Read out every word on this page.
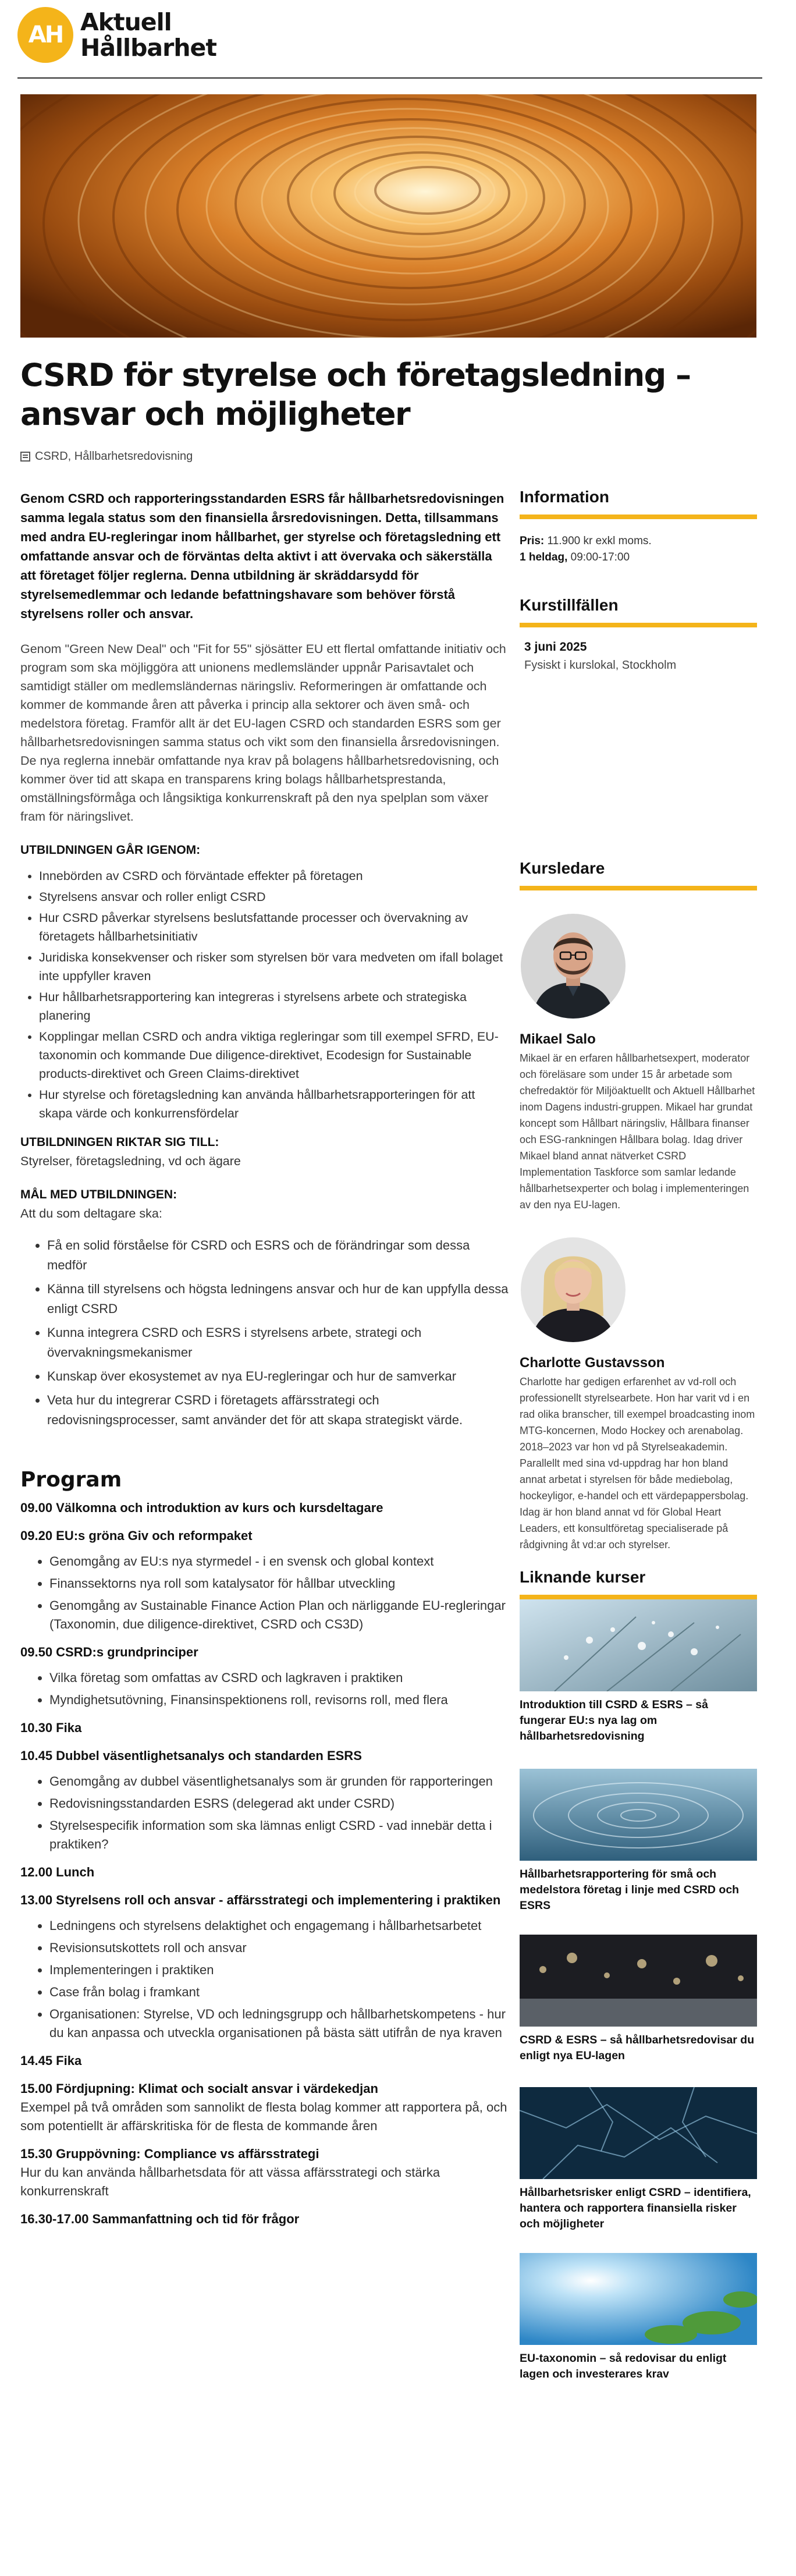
AH Aktuell
Hållbarhet
CSRD för styrelse och företagsledning – ansvar och möjligheter
CSRD, Hållbarhetsredovisning

Genom CSRD och rapporteringsstandarden ESRS får hållbarhetsredovisningen samma legala status som den finansiella årsredovisningen. Detta, tillsammans med andra EU-regleringar inom hållbarhet, ger styrelse och företagsledning ett omfattande ansvar och de förväntas delta aktivt i att övervaka och säkerställa att företaget följer reglerna. Denna utbildning är skräddarsydd för styrelsemedlemmar och ledande befattningshavare som behöver förstå styrelsens roller och ansvar.

Genom "Green New Deal" och "Fit for 55" sjösätter EU ett flertal omfattande initiativ och program som ska möjliggöra att unionens medlemsländer uppnår Parisavtalet och samtidigt ställer om medlemsländernas näringsliv. Reformeringen är omfattande och kommer de kommande åren att påverka i princip alla sektorer och även små- och medelstora företag. Framför allt är det EU-lagen CSRD och standarden ESRS som ger hållbarhetsredovisningen samma status och vikt som den finansiella årsredovisningen. De nya reglerna innebär omfattande nya krav på bolagens hållbarhetsredovisning, och kommer över tid att skapa en transparens kring bolags hållbarhetsprestanda, omställningsförmåga och långsiktiga konkurrenskraft på den nya spelplan som växer fram för näringslivet.

UTBILDNINGEN GÅR IGENOM:
• Innebörden av CSRD och förväntade effekter på företagen
• Styrelsens ansvar och roller enligt CSRD
• Hur CSRD påverkar styrelsens beslutsfattande processer och övervakning av företagets hållbarhetsinitiativ
• Juridiska konsekvenser och risker som styrelsen bör vara medveten om ifall bolaget inte uppfyller kraven
• Hur hållbarhetsrapportering kan integreras i styrelsens arbete och strategiska planering
• Kopplingar mellan CSRD och andra viktiga regleringar som till exempel SFRD, EU-taxonomin och kommande Due diligence-direktivet, Ecodesign for Sustainable products-direktivet och Green Claims-direktivet
• Hur styrelse och företagsledning kan använda hållbarhetsrapporteringen för att skapa värde och konkurrensfördelar
UTBILDNINGEN RIKTAR SIG TILL:

Styrelser, företagsledning, vd och ägare

MÅL MED UTBILDNINGEN:

Att du som deltagare ska:

• Få en solid förståelse för CSRD och ESRS och de förändringar som dessa medför
• Känna till styrelsens och högsta ledningens ansvar och hur de kan uppfylla dessa enligt CSRD
• Kunna integrera CSRD och ESRS i styrelsens arbete, strategi och övervakningsmekanismer
• Kunskap över ekosystemet av nya EU-regleringar och hur de samverkar
• Veta hur du integrerar CSRD i företagets affärsstrategi och redovisningsprocesser, samt använder det för att skapa strategiskt värde.
Program
09.00 Välkomna och introduktion av kurs och kursdeltagare
09.20 EU:s gröna Giv och reformpaket
• Genomgång av EU:s nya styrmedel - i en svensk och global kontext
• Finanssektorns nya roll som katalysator för hållbar utveckling
• Genomgång av Sustainable Finance Action Plan och närliggande EU-regleringar (Taxonomin, due diligence-direktivet, CSRD och CS3D)
09.50 CSRD:s grundprinciper
• Vilka företag som omfattas av CSRD och lagkraven i praktiken
• Myndighetsutövning, Finansinspektionens roll, revisorns roll, med flera
10.30 Fika
10.45 Dubbel väsentlighetsanalys och standarden ESRS
• Genomgång av dubbel väsentlighetsanalys som är grunden för rapporteringen
• Redovisningsstandarden ESRS (delegerad akt under CSRD)
• Styrelsespecifik information som ska lämnas enligt CSRD - vad innebär detta i praktiken?
12.00 Lunch
13.00 Styrelsens roll och ansvar - affärsstrategi och implementering i praktiken
• Ledningens och styrelsens delaktighet och engagemang i hållbarhetsarbetet
• Revisionsutskottets roll och ansvar
• Implementeringen i praktiken
• Case från bolag i framkant
• Organisationen: Styrelse, VD och ledningsgrupp och hållbarhetskompetens - hur du kan anpassa och utveckla organisationen på bästa sätt utifrån de nya kraven
14.45 Fika
15.00 Fördjupning: Klimat och socialt ansvar i värdekedjan

Exempel på två områden som sannolikt de flesta bolag kommer att rapportera på, och som potentiellt är affärskritiska för de flesta de kommande åren

15.30 Gruppövning: Compliance vs affärsstrategi

Hur du kan använda hållbarhetsdata för att vässa affärsstrategi och stärka konkurrenskraft

16.30-17.00 Sammanfattning och tid för frågor
Information
Pris: 11.900 kr exkl moms.
1 heldag, 09:00-17:00
Kurstillfällen
3 juni 2025
Fysiskt i kurslokal, Stockholm
Kursledare
Mikael Salo

Mikael är en erfaren hållbarhetsexpert, moderator och föreläsare som under 15 år arbetade som chefredaktör för Miljöaktuellt och Aktuell Hållbarhet inom Dagens industri-gruppen. Mikael har grundat koncept som Hållbart näringsliv, Hållbara finanser och ESG-rankningen Hållbara bolag. Idag driver Mikael bland annat nätverket CSRD Implementation Taskforce som samlar ledande hållbarhetsexperter och bolag i implementeringen av den nya EU-lagen.

Charlotte Gustavsson

Charlotte har gedigen erfarenhet av vd-roll och professionellt styrelsearbete. Hon har varit vd i en rad olika branscher, till exempel broadcasting inom MTG-koncernen, Modo Hockey och arenabolag. 2018–2023 var hon vd på Styrelseakademin. Parallellt med sina vd-uppdrag har hon bland annat arbetat i styrelsen för både mediebolag, hockeyligor, e-handel och ett värdepappersbolag. Idag är hon bland annat vd för Global Heart Leaders, ett konsultföretag specialiserade på rådgivning åt vd:ar och styrelser.

Liknande kurser
Introduktion till CSRD & ESRS – så fungerar EU:s nya lag om hållbarhetsredovisning
Hållbarhetsrapportering för små och medelstora företag i linje med CSRD och ESRS
CSRD & ESRS – så hållbarhetsredovisar du enligt nya EU-lagen
Hållbarhetsrisker enligt CSRD – identifiera, hantera och rapportera finansiella risker och möjligheter
EU-taxonomin – så redovisar du enligt lagen och investerares krav
